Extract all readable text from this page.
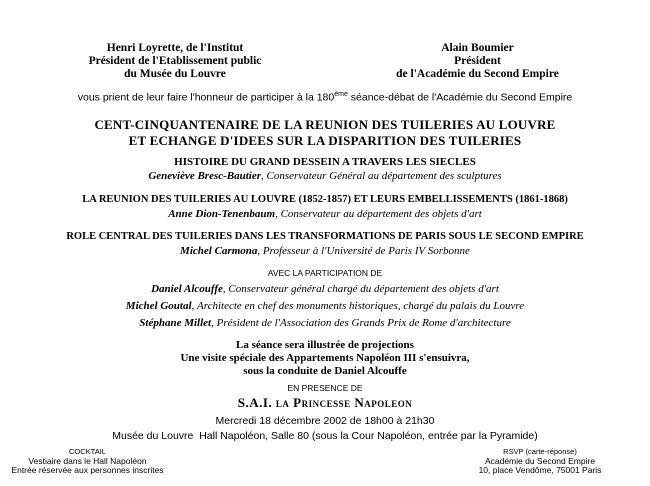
Henri Loyrette, de l'Institut
Président de l'Etablissement public
du Musée du Louvre
Alain Boumier
Président
de l'Académie du Second Empire
vous prient de leur faire l'honneur de participer à la 180ème séance-débat de l'Académie du Second Empire
CENT-CINQUANTENAIRE DE LA REUNION DES TUILERIES AU LOUVRE
ET ECHANGE D'IDEES SUR LA DISPARITION DES TUILERIES
HISTOIRE DU GRAND DESSEIN A TRAVERS LES SIECLES
Geneviève Bresc-Bautier, Conservateur Général au département des sculptures
LA REUNION DES TUILERIES AU LOUVRE (1852-1857) ET LEURS EMBELLISSEMENTS (1861-1868)
Anne Dion-Tenenbaum, Conservateur au département des objets d'art
ROLE CENTRAL DES TUILERIES DANS LES TRANSFORMATIONS DE PARIS SOUS LE SECOND EMPIRE
Michel Carmona, Professeur à l'Université de Paris IV Sorbonne
AVEC LA PARTICIPATION DE
Daniel Alcouffe, Conservateur général chargé du département des objets d'art
Michel Goutal, Architecte en chef des monuments historiques, chargé du palais du Louvre
Stéphane Millet, Président de l'Association des Grands Prix de Rome d'architecture
La séance sera illustrée de projections
Une visite spéciale des Appartements Napoléon III s'ensuivra,
sous la conduite de Daniel Alcouffe
EN PRESENCE DE
S.A.I. la Princesse Napoleon
Mercredi 18 décembre 2002 de 18h00 à 21h30
Musée du Louvre  Hall Napoléon, Salle 80 (sous la Cour Napoléon, entrée par la Pyramide)
COCKTAIL
Vestiaire dans le Hall Napoléon
Entrée réservée aux personnes inscrites
RSVP (carte-réponse)
Académie du Second Empire
10, place Vendôme, 75001 Paris
